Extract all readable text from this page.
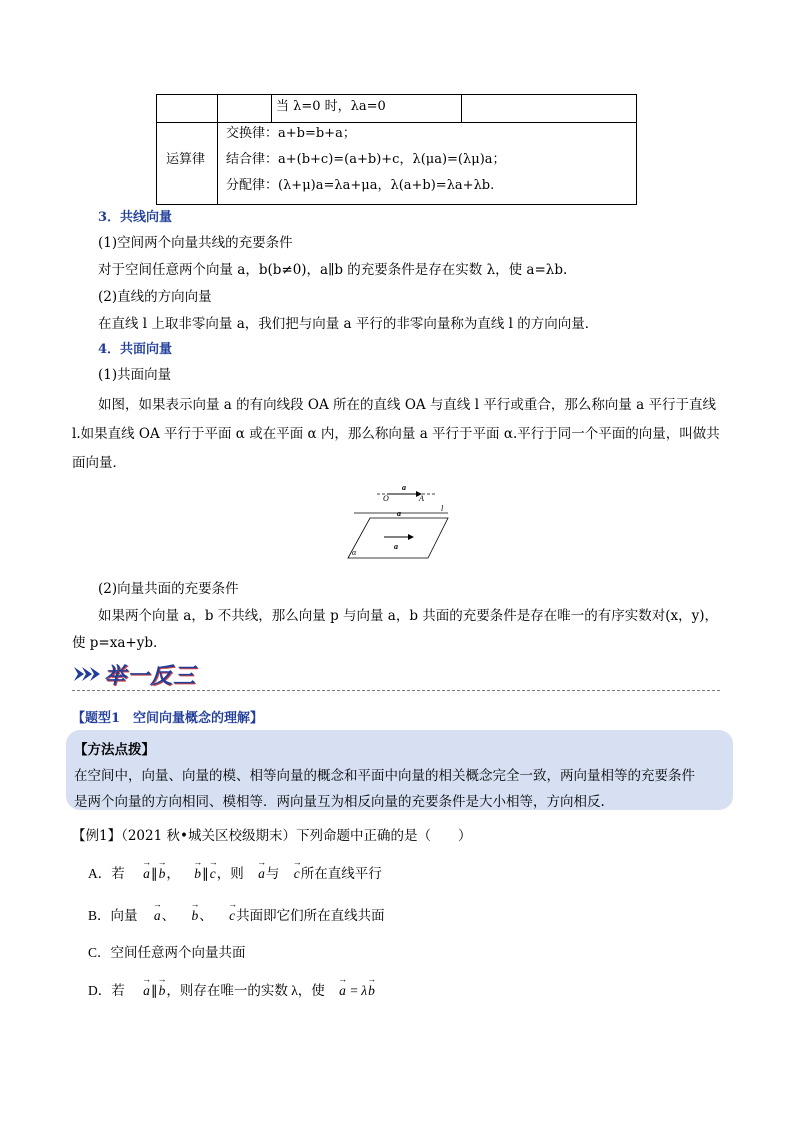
当 λ=0 时，λa=0
运算律
交换律：a+b=b+a；
结合律：a+(b+c)=(a+b)+c，λ(μa)=(λμ)a；
分配律：(λ+μ)a=λa+μa，λ(a+b)=λa+λb.
3．共线向量
(1)空间两个向量共线的充要条件
对于空间任意两个向量 a，b(b≠0)，a∥b 的充要条件是存在实数 λ，使 a=λb.
(2)直线的方向向量
在直线 l 上取非零向量 a，我们把与向量 a 平行的非零向量称为直线 l 的方向向量．
4．共面向量
(1)共面向量
如图，如果表示向量 a 的有向线段 OA 所在的直线 OA 与直线 l 平行或重合，那么称向量 a 平行于直线 l.如果直线 OA 平行于平面 α 或在平面 α 内，那么称向量 a 平行于平面 α.平行于同一个平面的向量，叫做共面向量．
a
O	A
a
l
a
α
(2)向量共面的充要条件
如果两个向量 a，b 不共线，那么向量 p 与向量 a，b 共面的充要条件是存在唯一的有序实数对(x，y)，
使 p=xa+yb.
举一反三
【题型1　空间向量概念的理解】
【方法点拨】
在空间中，向量、向量的模、相等向量的概念和平面中向量的相关概念完全一致，两向量相等的充要条件
是两个向量的方向相同、模相等．两向量互为相反向量的充要条件是大小相等，方向相反.
【例1】（2021 秋•城关区校级期末）下列命题中正确的是（　　）
A．若 → a∥→ b， → b∥→ c，则 → a与 → c所在直线平行
B．向量 → a、 → b、 → c共面即它们所在直线共面
C．空间任意两个向量共面
D．若 → a∥→ b，则存在唯一的实数 λ，使 → a = λ→ b
